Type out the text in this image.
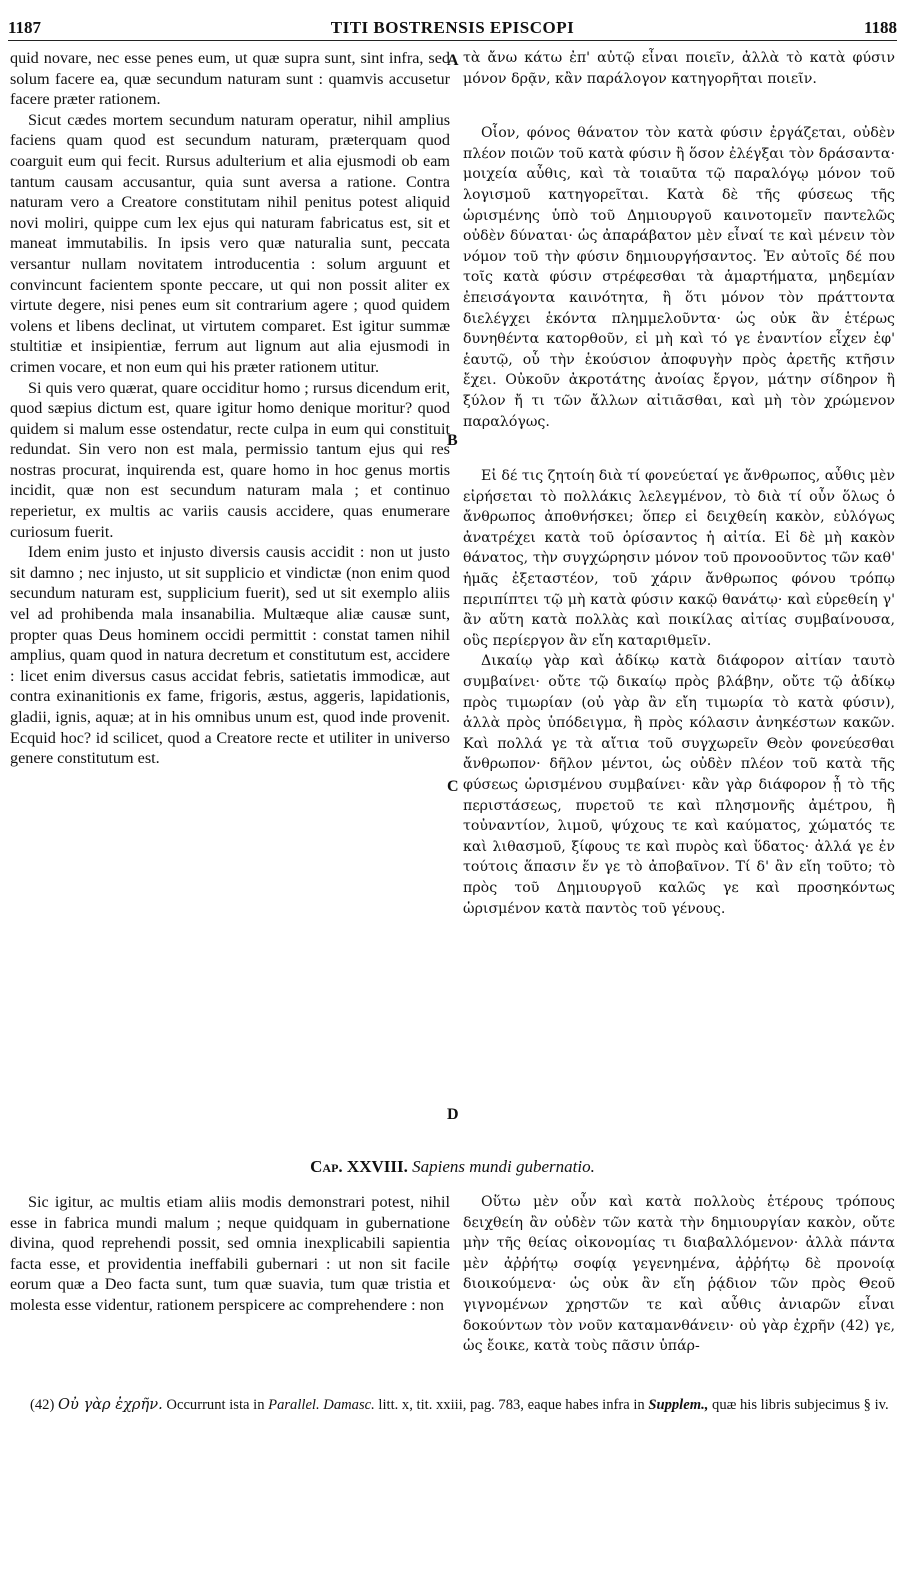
1187	TITI BOSTRENSIS EPISCOPI	1188

quid novare, nec esse penes eum, ut quæ supra sunt, sint infra, sed solum facere ea, quæ secundum naturam sunt : quamvis accusetur facere præter rationem.

Sicut cædes mortem secundum naturam operatur, nihil amplius faciens quam quod est secundum naturam, præterquam quod coarguit eum qui fecit. Rursus adulterium et alia ejusmodi ob eam tantum causam accusantur, quia sunt aversa a ratione. Contra naturam vero a Creatore constitutam nihil penitus potest aliquid novi moliri, quippe cum lex ejus qui naturam fabricatus est, sit et maneat immutabilis. In ipsis vero quæ naturalia sunt, peccata versantur nullam novitatem introducentia : solum arguunt et convincunt facientem sponte peccare, ut qui non possit aliter ex virtute degere, nisi penes eum sit contrarium agere ; quod quidem volens et libens declinat, ut virtutem comparet. Est igitur summæ stultitiæ et insipientiæ, ferrum aut lignum aut alia ejusmodi in crimen vocare, et non eum qui his præter rationem utitur.

Si quis vero quærat, quare occiditur homo ; rursus dicendum erit, quod sæpius dictum est, quare igitur homo denique moritur? quod quidem si malum esse ostendatur, recte culpa in eum qui constituit redundat. Sin vero non est mala, permissio tantum ejus qui res nostras procurat, inquirenda est, quare homo in hoc genus mortis incidit, quæ non est secundum naturam mala ; et continuo reperietur, ex multis ac variis causis accidere, quas enumerare curiosum fuerit.

Idem enim justo et injusto diversis causis accidit : non ut justo sit damno ; nec injusto, ut sit supplicio et vindictæ (non enim quod secundum naturam est, supplicium fuerit), sed ut sit exemplo aliis vel ad prohibenda mala insanabilia. Multæque aliæ causæ sunt, propter quas Deus hominem occidi permittit : constat tamen nihil amplius, quam quod in natura decretum et constitutum est, accidere : licet enim diversus casus accidat febris, satietatis immodicæ, aut contra exinanitionis ex fame, frigoris, æstus, aggeris, lapidationis, gladii, ignis, aquæ; at in his omnibus unum est, quod inde provenit. Ecquid hoc? id scilicet, quod a Creatore recte et utiliter in universo genere constitutum est.

A
B
C
D

τὰ ἄνω κάτω ἐπ' αὐτῷ εἶναι ποιεῖν, ἀλλὰ τὸ κατὰ φύσιν μόνον δρᾷν, κἂν παράλογον κατηγορῆται ποιεῖν.

Οἷον, φόνος θάνατον τὸν κατὰ φύσιν ἐργάζεται, οὐδὲν πλέον ποιῶν τοῦ κατὰ φύσιν ἢ ὅσον ἐλέγξαι τὸν δράσαντα· μοιχεία αὖθις, καὶ τὰ τοιαῦτα τῷ παραλόγῳ μόνον τοῦ λογισμοῦ κατηγορεῖται. Κατὰ δὲ τῆς φύσεως τῆς ὡρισμένης ὑπὸ τοῦ Δημιουργοῦ καινοτομεῖν παντελῶς οὐδὲν δύναται· ὡς ἀπαράβατον μὲν εἶναί τε καὶ μένειν τὸν νόμον τοῦ τὴν φύσιν δημιουργήσαντος. Ἐν αὐτοῖς δέ που τοῖς κατὰ φύσιν στρέφεσθαι τὰ ἁμαρτήματα, μηδεμίαν ἐπεισάγοντα καινότητα, ἢ ὅτι μόνον τὸν πράττοντα διελέγχει ἑκόντα πλημμελοῦντα· ὡς οὐκ ἂν ἑτέρως δυνηθέντα κατορθοῦν, εἰ μὴ καὶ τό γε ἐναντίον εἶχεν ἐφ' ἑαυτῷ, οὗ τὴν ἑκούσιον ἀποφυγὴν πρὸς ἀρετῆς κτῆσιν ἔχει. Οὐκοῦν ἀκροτάτης ἀνοίας ἔργον, μάτην σίδηρον ἢ ξύλον ἤ τι τῶν ἄλλων αἰτιᾶσθαι, καὶ μὴ τὸν χρώμενον παραλόγως.

Εἰ δέ τις ζητοίη διὰ τί φονεύεταί γε ἄνθρωπος, αὖθις μὲν εἰρήσεται τὸ πολλάκις λελεγμένον, τὸ διὰ τί οὖν ὅλως ὁ ἄνθρωπος ἀποθνήσκει; ὅπερ εἰ δειχθείη κακὸν, εὐλόγως ἀνατρέχει κατὰ τοῦ ὁρίσαντος ἡ αἰτία. Εἰ δὲ μὴ κακὸν θάνατος, τὴν συγχώρησιν μόνον τοῦ προνοοῦντος τῶν καθ' ἡμᾶς ἐξεταστέον, τοῦ χάριν ἄνθρωπος φόνου τρόπῳ περιπίπτει τῷ μὴ κατὰ φύσιν κακῷ θανάτῳ· καὶ εὑρεθείη γ' ἂν αὕτη κατὰ πολλὰς καὶ ποικίλας αἰτίας συμβαίνουσα, οὓς περίεργον ἂν εἴη καταριθμεῖν.

Δικαίῳ γὰρ καὶ ἀδίκῳ κατὰ διάφορον αἰτίαν ταυτὸ συμβαίνει· οὔτε τῷ δικαίῳ πρὸς βλάβην, οὔτε τῷ ἀδίκῳ πρὸς τιμωρίαν (οὐ γὰρ ἂν εἴη τιμωρία τὸ κατὰ φύσιν), ἀλλὰ πρὸς ὑπόδειγμα, ἢ πρὸς κόλασιν ἀνηκέστων κακῶν. Καὶ πολλά γε τὰ αἴτια τοῦ συγχωρεῖν Θεὸν φονεύεσθαι ἄνθρωπον· δῆλον μέντοι, ὡς οὐδὲν πλέον τοῦ κατὰ τῆς φύσεως ὡρισμένου συμβαίνει· κἂν γὰρ διάφορον ᾖ τὸ τῆς περιστάσεως, πυρετοῦ τε καὶ πλησμονῆς ἀμέτρου, ἢ τοὐναντίον, λιμοῦ, ψύχους τε καὶ καύματος, χώματός τε καὶ λιθασμοῦ, ξίφους τε καὶ πυρὸς καὶ ὕδατος· ἀλλά γε ἐν τούτοις ἅπασιν ἕν γε τὸ ἀποβαῖνον. Τί δ' ἂν εἴη τοῦτο; τὸ πρὸς τοῦ Δημιουργοῦ καλῶς γε καὶ προσηκόντως ὡρισμένον κατὰ παντὸς τοῦ γένους.

Cap. XXVIII. Sapiens mundi gubernatio.

Sic igitur, ac multis etiam aliis modis demonstrari potest, nihil esse in fabrica mundi malum ; neque quidquam in gubernatione divina, quod reprehendi possit, sed omnia inexplicabili sapientia facta esse, et providentia ineffabili gubernari : ut non sit facile eorum quæ a Deo facta sunt, tum quæ suavia, tum quæ tristia et molesta esse videntur, rationem perspicere ac comprehendere : non

Οὕτω μὲν οὖν καὶ κατὰ πολλοὺς ἑτέρους τρόπους δειχθείη ἂν οὐδὲν τῶν κατὰ τὴν δημιουργίαν κακὸν, οὔτε μὴν τῆς θείας οἰκονομίας τι διαβαλλόμενον· ἀλλὰ πάντα μὲν ἀῤῥήτῳ σοφίᾳ γεγενημένα, ἀῤῥήτῳ δὲ προνοίᾳ διοικούμενα· ὡς οὐκ ἂν εἴη ῥᾴδιον τῶν πρὸς Θεοῦ γιγνομένων χρηστῶν τε καὶ αὖθις ἀνιαρῶν εἶναι δοκούντων τὸν νοῦν καταμανθάνειν· οὐ γὰρ ἐχρῆν (42) γε, ὡς ἔοικε, κατὰ τοὺς πᾶσιν ὑπάρ-

(42) Οὐ γὰρ ἐχρῆν. Occurrunt ista in Parallel. Damasc. litt. x, tit. xxiii, pag. 783, eaque habes infra in Supplem., quæ his libris subjecimus § iv.
